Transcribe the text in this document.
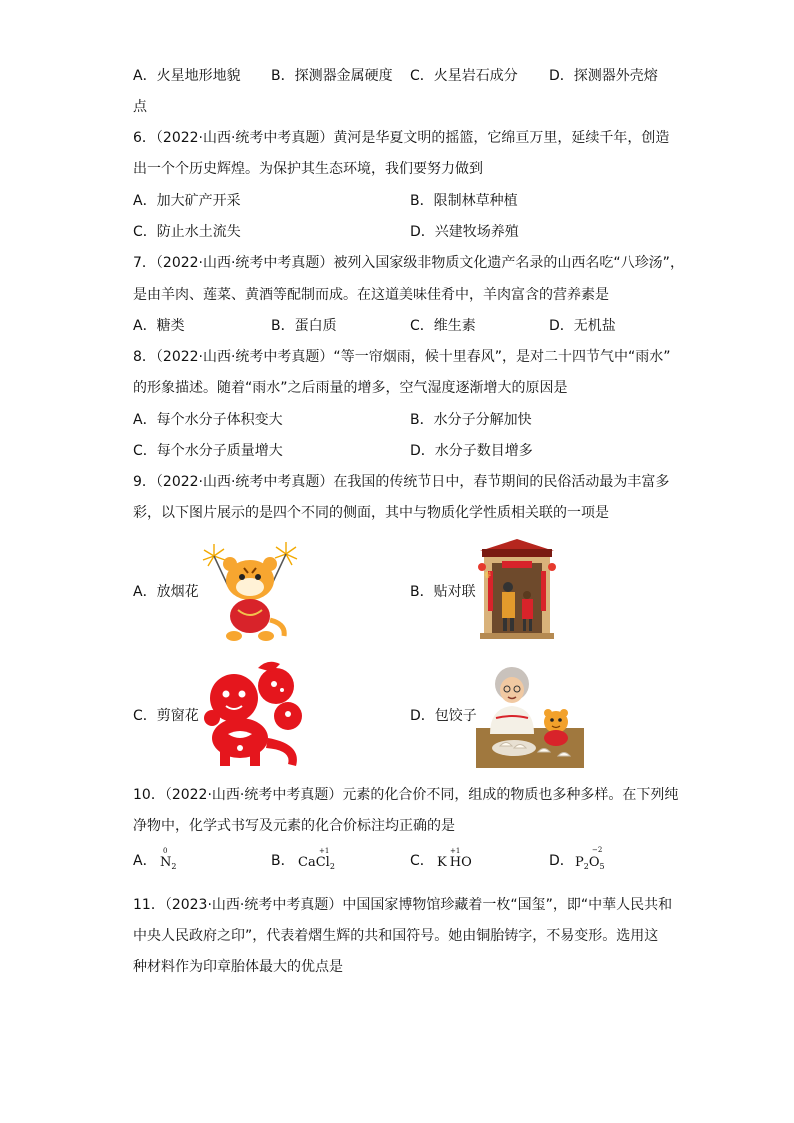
A．火星地形地貌 B．探测器金属硬度 C．火星岩石成分 D．探测器外壳熔
点
6．（2022·山西·统考中考真题）黄河是华夏文明的摇篮，它绵亘万里，延续千年，创造
出一个个历史辉煌。为保护其生态环境，我们要努力做到
A．加大矿产开采	B．限制林草种植
C．防止水土流失	D．兴建牧场养殖
7．（2022·山西·统考中考真题）被列入国家级非物质文化遗产名录的山西名吃“八珍汤”，
是由羊肉、莲菜、黄酒等配制而成。在这道美味佳肴中，羊肉富含的营养素是
A．糖类	B．蛋白质	C．维生素	D．无机盐
8．（2022·山西·统考中考真题）“等一帘烟雨，候十里春风”，是对二十四节气中“雨水”
的形象描述。随着“雨水”之后雨量的增多，空气湿度逐渐增大的原因是
A．每个水分子体积变大	B．水分子分解加快
C．每个水分子质量增大	D．水分子数目增多
9．（2022·山西·统考中考真题）在我国的传统节日中，春节期间的民俗活动最为丰富多
彩，以下图片展示的是四个不同的侧面，其中与物质化学性质相关联的一项是
A．放烟花	B．贴对联
春
C．剪窗花	D．包饺子
10．（2022·山西·统考中考真题）元素的化合价不同，组成的物质也多种多样。在下列纯
净物中，化学式书写及元素的化合价标注均正确的是
A．
0
$N_2$	B． Ca
+1
$Cl_2$	C． K
+1
HO	D． $P_2$
−2
$O_5$
11．（2023·山西·统考中考真题）中国国家博物馆珍藏着一枚“国玺”，即“中華人民共和
中央人民政府之印”，代表着熠生辉的共和国符号。她由铜胎铸字，不易变形。选用这
种材料作为印章胎体最大的优点是
